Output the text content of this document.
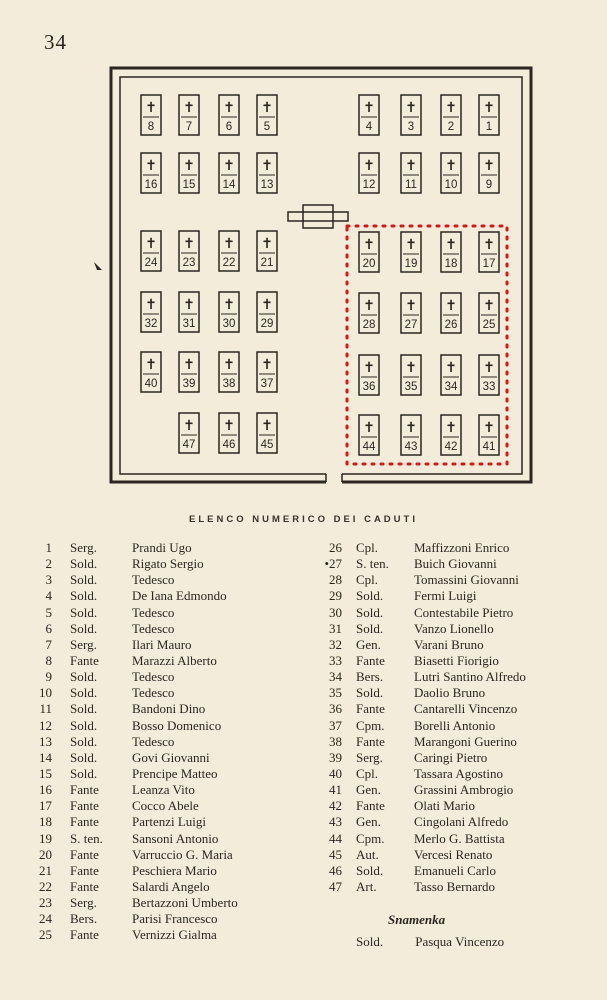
34
✝
8
✝
7
✝
6
✝
5
✝
16
✝
15
✝
14
✝
13
✝
4
✝
3
✝
2
✝
1
✝
12
✝
11
✝
10
✝
9
✝
24
✝
23
✝
22
✝
21
✝
32
✝
31
✝
30
✝
29
✝
40
✝
39
✝
38
✝
37
✝
47
✝
46
✝
45
✝
20
✝
19
✝
18
✝
17
✝
28
✝
27
✝
26
✝
25
✝
36
✝
35
✝
34
✝
33
✝
44
✝
43
✝
42
✝
41
ELENCO NUMERICO DEI CADUTI
1 Serg.	Prandi Ugo
2 Sold.	Rigato Sergio
3 Sold.	Tedesco
4 Sold.	De Iana Edmondo
5 Sold.	Tedesco
6 Sold.	Tedesco
7 Serg.	Ilari Mauro
8 Fante	Marazzi Alberto
9 Sold.	Tedesco
10 Sold.	Tedesco
11 Sold.	Bandoni Dino
12 Sold.	Bosso Domenico
13 Sold.	Tedesco
14 Sold.	Govi Giovanni
15 Sold.	Prencipe Matteo
16 Fante	Leanza Vito
17 Fante	Cocco Abele
18 Fante	Partenzi Luigi
19 S. ten. Sansoni Antonio
20 Fante	Varruccio G. Maria
21 Fante	Peschiera Mario
22 Fante	Salardi Angelo
23 Serg.	Bertazzoni Umberto
24 Bers.	Parisi Francesco
25 Fante	Vernizzi Gialma
26 Cpl.	Maffizzoni Enrico
•27 S. ten. Buich Giovanni
28 Cpl.	Tomassini Giovanni
29 Sold. Fermi Luigi
30 Sold. Contestabile Pietro
31 Sold. Vanzo Lionello
32 Gen.	Varani Bruno
33 Fante Biasetti Fiorigio
34 Bers. Lutri Santino Alfredo
35 Sold. Daolio Bruno
36 Fante Cantarelli Vincenzo
37 Cpm. Borelli Antonio
38 Fante Marangoni Guerino
39 Serg. Caringi Pietro
40 Cpl.	Tassara Agostino
41 Gen.	Grassini Ambrogio
42 Fante Olati Mario
43 Gen.	Cingolani Alfredo
44 Cpm. Merlo G. Battista
45 Aut.	Vercesi Renato
46 Sold. Emanueli Carlo
47 Art.	Tasso Bernardo
Snamenka
Sold. Pasqua Vincenzo
